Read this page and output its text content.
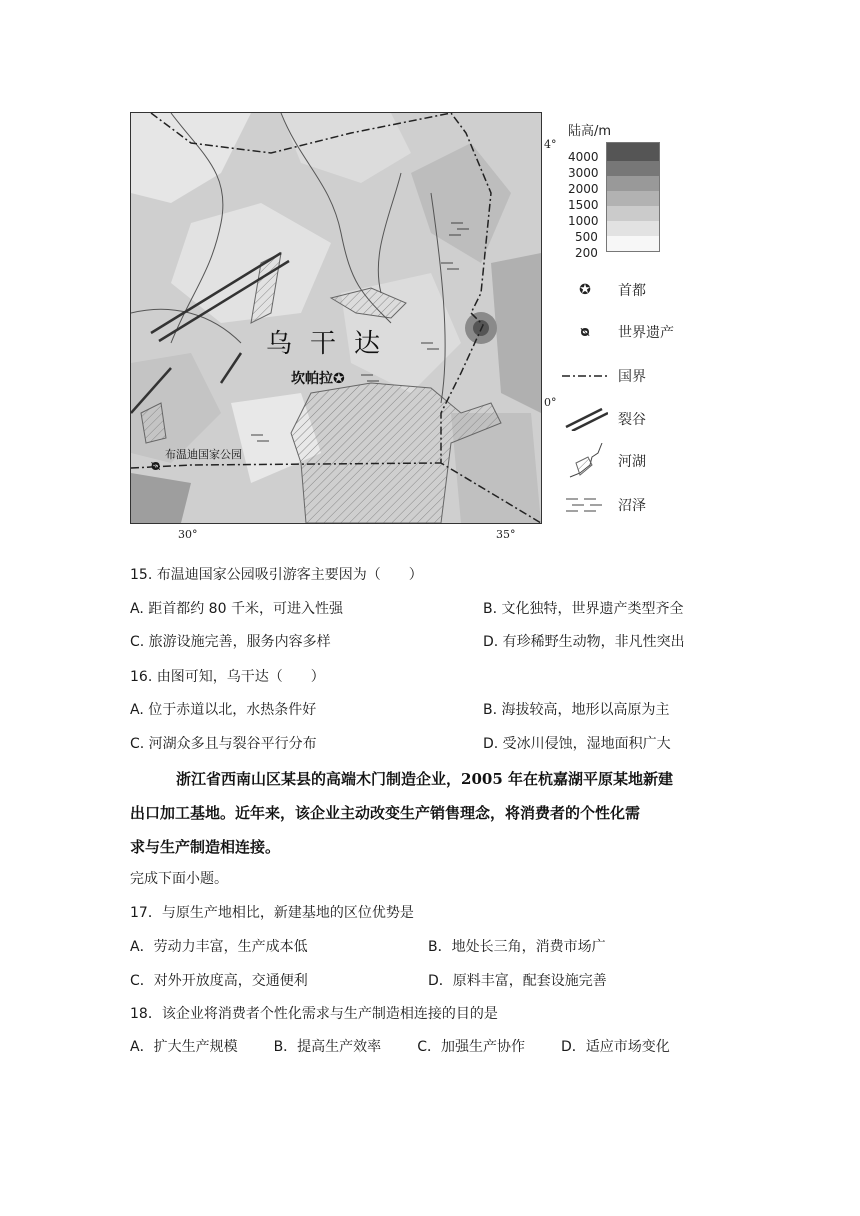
乌干达
坎帕拉✪
布温迪国家公园
ᴓ
4°
0°
30°	35°
陆高/m
4000
3000
2000
1500
1000
500
200
✪	首都
ᴓ	世界遗产
国界
裂谷
河湖
沼泽
15. 布温迪国家公园吸引游客主要因为（　　）
A. 距首都约 80 千米，可进入性强	B. 文化独特，世界遗产类型齐全
C. 旅游设施完善，服务内容多样	D. 有珍稀野生动物，非凡性突出
16. 由图可知，乌干达（　　）
A. 位于赤道以北，水热条件好	B. 海拔较高，地形以高原为主
C. 河湖众多且与裂谷平行分布	D. 受冰川侵蚀，湿地面积广大
浙江省西南山区某县的高端木门制造企业，2005 年在杭嘉湖平原某地新建
出口加工基地。近年来，该企业主动改变生产销售理念，将消费者的个性化需
求与生产制造相连接。
完成下面小题。
17．与原生产地相比，新建基地的区位优势是
A．劳动力丰富，生产成本低	B．地处长三角，消费市场广
C．对外开放度高，交通便利	D．原料丰富，配套设施完善
18．该企业将消费者个性化需求与生产制造相连接的目的是
A．扩大生产规模	B．提高生产效率	C．加强生产协作	D．适应市场变化
